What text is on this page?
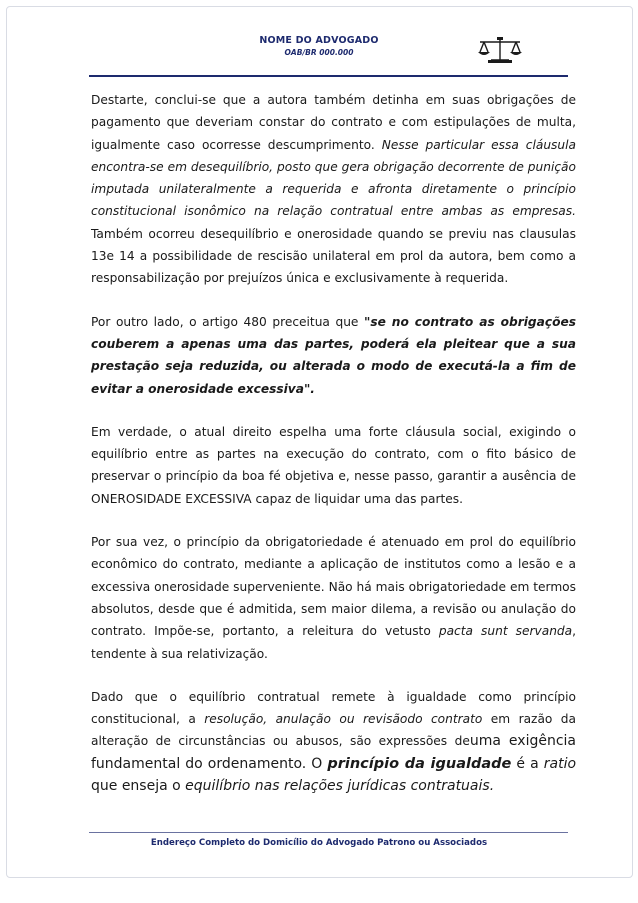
NOME DO ADVOGADO
OAB/BR 000.000

Destarte, conclui-se que a autora também detinha em suas obrigações de pagamento que deveriam constar do contrato e com estipulações de multa, igualmente caso ocorresse descumprimento. Nesse particular essa cláusula encontra-se em desequilíbrio, posto que gera obrigação decorrente de punição imputada unilateralmente a requerida e afronta diretamente o princípio constitucional isonômico na relação contratual entre ambas as empresas. Também ocorreu desequilíbrio e onerosidade quando se previu nas clausulas 13e 14 a possibilidade de rescisão unilateral em prol da autora, bem como a responsabilização por prejuízos única e exclusivamente à requerida.

Por outro lado, o artigo 480 preceitua que "se no contrato as obrigações couberem a apenas uma das partes, poderá ela pleitear que a sua prestação seja reduzida, ou alterada o modo de executá-la a fim de evitar a onerosidade excessiva".

Em verdade, o atual direito espelha uma forte cláusula social, exigindo o equilíbrio entre as partes na execução do contrato, com o fito básico de preservar o princípio da boa fé objetiva e, nesse passo, garantir a ausência de ONEROSIDADE EXCESSIVA capaz de liquidar uma das partes.

Por sua vez, o princípio da obrigatoriedade é atenuado em prol do equilíbrio econômico do contrato, mediante a aplicação de institutos como a lesão e a excessiva onerosidade superveniente. Não há mais obrigatoriedade em termos absolutos, desde que é admitida, sem maior dilema, a revisão ou anulação do contrato. Impõe-se, portanto, a releitura do vetusto pacta sunt servanda, tendente à sua relativização.

Dado que o equilíbrio contratual remete à igualdade como princípio constitucional, a resolução, anulação ou revisãodo contrato em razão da alteração de circunstâncias ou abusos, são expressões deuma exigência fundamental do ordenamento. O princípio da igualdade é a ratio que enseja o equilíbrio nas relações jurídicas contratuais.

Endereço Completo do Domicílio do Advogado Patrono ou Associados
